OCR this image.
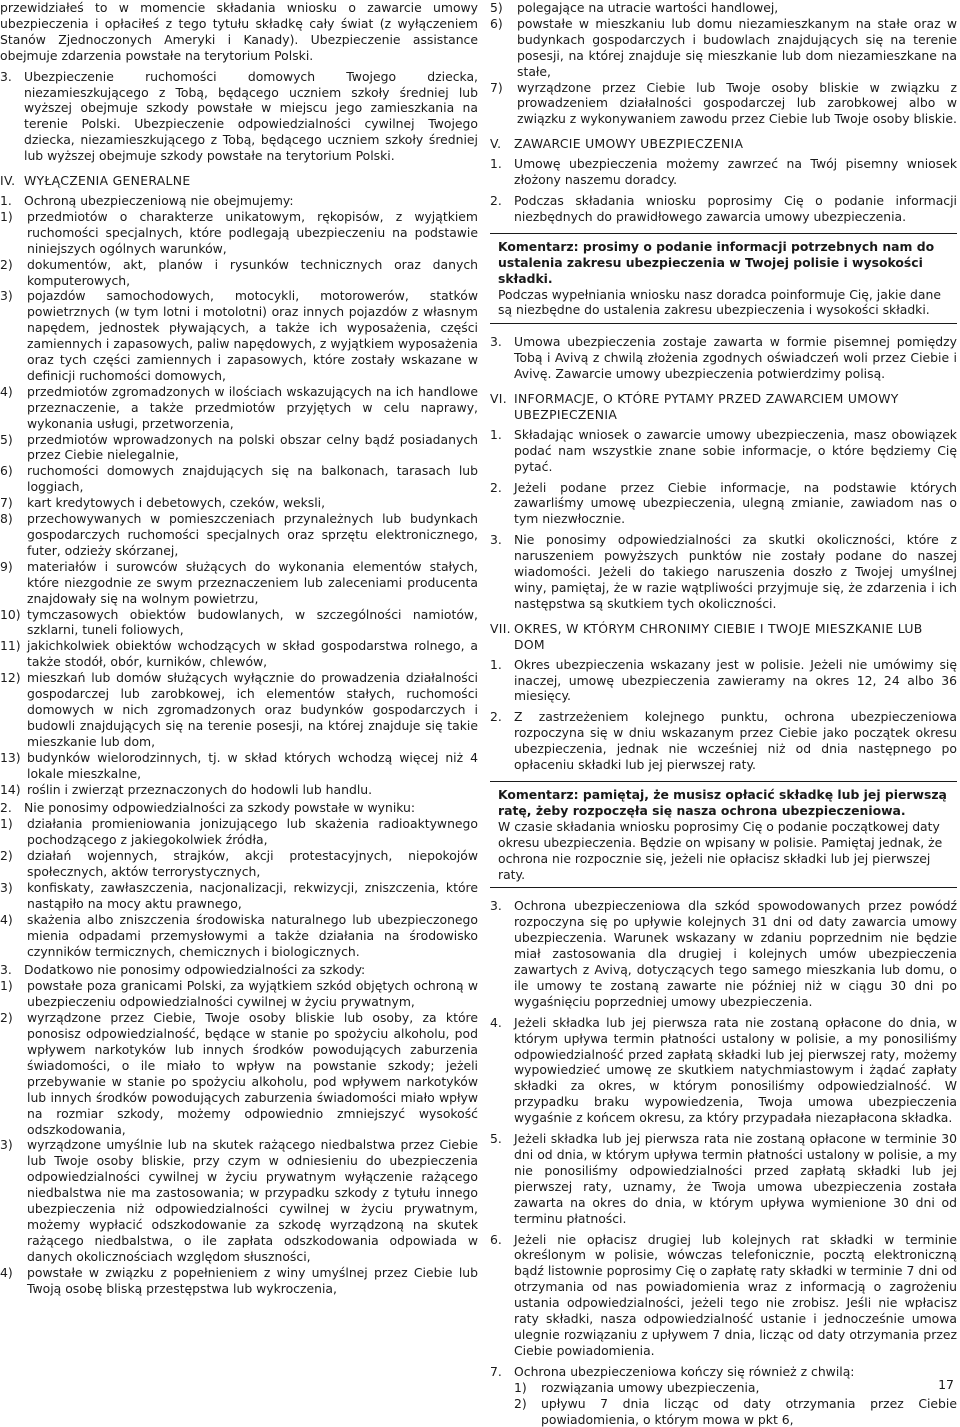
przewidziałeś to w momencie składania wniosku o zawarcie umowy ubezpieczenia i opłaciłeś z tego tytułu składkę cały świat (z wyłączeniem Stanów Zjednoczonych Ameryki i Kanady). Ubezpieczenie assistance obejmuje zdarzenia powstałe na terytorium Polski.

3. Ubezpieczenie ruchomości domowych Twojego dziecka, niezamieszkującego z Tobą, będącego uczniem szkoły średniej lub wyższej obejmuje szkody powstałe w miejscu jego zamieszkania na terenie Polski. Ubezpieczenie odpowiedzialności cywilnej Twojego dziecka, niezamieszkującego z Tobą, będącego uczniem szkoły średniej lub wyższej obejmuje szkody powstałe na terytorium Polski.
IV. WYŁĄCZENIA GENERALNE
1. Ochroną ubezpieczeniową nie obejmujemy:
1)	przedmiotów o charakterze unikatowym, rękopisów, z wyjątkiem ruchomości specjalnych, które podlegają ubezpieczeniu na podstawie niniejszych ogólnych warunków,
2)	dokumentów, akt, planów i rysunków technicznych oraz danych komputerowych,
3)	pojazdów samochodowych, motocykli, motorowerów, statków powietrznych (w tym lotni i motolotni) oraz innych pojazdów z własnym napędem, jednostek pływających, a także ich wyposażenia, części zamiennych i zapasowych, paliw napędowych, z wyjątkiem wyposażenia oraz tych części zamiennych i zapasowych, które zostały wskazane w definicji ruchomości domowych,
4)	przedmiotów zgromadzonych w ilościach wskazujących na ich handlowe przeznaczenie, a także przedmiotów przyjętych w celu naprawy, wykonania usługi, przetworzenia,
5)	przedmiotów wprowadzonych na polski obszar celny bądź posiadanych przez Ciebie nielegalnie,
6)	ruchomości domowych znajdujących się na balkonach, tarasach lub loggiach,
7)	kart kredytowych i debetowych, czeków, weksli,
8)	przechowywanych w pomieszczeniach przynależnych lub budynkach gospodarczych ruchomości specjalnych oraz sprzętu elektronicznego, futer, odzieży skórzanej,
9)	materiałów i surowców służących do wykonania elementów stałych, które niezgodnie ze swym przeznaczeniem lub zaleceniami producenta znajdowały się na wolnym powietrzu,
10) tymczasowych obiektów budowlanych, w szczególności namiotów, szklarni, tuneli foliowych,
11) jakichkolwiek obiektów wchodzących w skład gospodarstwa rolnego, a także stodół, obór, kurników, chlewów,
12) mieszkań lub domów służących wyłącznie do prowadzenia działalności gospodarczej lub zarobkowej, ich elementów stałych, ruchomości domowych w nich zgromadzonych oraz budynków gospodarczych i budowli znajdujących się na terenie posesji, na której znajduje się takie mieszkanie lub dom,
13) budynków wielorodzinnych, tj. w skład których wchodzą więcej niż 4 lokale mieszkalne,
14) roślin i zwierząt przeznaczonych do hodowli lub handlu.
2. Nie ponosimy odpowiedzialności za szkody powstałe w wyniku:
1)	działania promieniowania jonizującego lub skażenia radioaktywnego pochodzącego z jakiegokolwiek źródła,
2)	działań wojennych, strajków, akcji protestacyjnych, niepokojów społecznych, aktów terrorystycznych,
3)	konfiskaty, zawłaszczenia, nacjonalizacji, rekwizycji, zniszczenia, które nastąpiło na mocy aktu prawnego,
4)	skażenia albo zniszczenia środowiska naturalnego lub ubezpieczonego mienia odpadami przemysłowymi a także działania na środowisko czynników termicznych, chemicznych i biologicznych.
3. Dodatkowo nie ponosimy odpowiedzialności za szkody:
1)	powstałe poza granicami Polski, za wyjątkiem szkód objętych ochroną w ubezpieczeniu odpowiedzialności cywilnej w życiu prywatnym,
2)	wyrządzone przez Ciebie, Twoje osoby bliskie lub osoby, za które ponosisz odpowiedzialność, będące w stanie po spożyciu alkoholu, pod wpływem narkotyków lub innych środków powodujących zaburzenia świadomości, o ile miało to wpływ na powstanie szkody; jeżeli przebywanie w stanie po spożyciu alkoholu, pod wpływem narkotyków lub innych środków powodujących zaburzenia świadomości miało wpływ na rozmiar szkody, możemy odpowiednio zmniejszyć wysokość odszkodowania,
3)	wyrządzone umyślnie lub na skutek rażącego niedbalstwa przez Ciebie lub Twoje osoby bliskie, przy czym w odniesieniu do ubezpieczenia odpowiedzialności cywilnej w życiu prywatnym wyłączenie rażącego niedbalstwa nie ma zastosowania; w przypadku szkody z tytułu innego ubezpieczenia niż odpowiedzialności cywilnej w życiu prywatnym, możemy wypłacić odszkodowanie za szkodę wyrządzoną na skutek rażącego niedbalstwa, o ile zapłata odszkodowania odpowiada w danych okolicznościach względom słuszności,
4)	powstałe w związku z popełnieniem z winy umyślnej przez Ciebie lub Twoją osobę bliską przestępstwa lub wykroczenia,
5)	polegające na utracie wartości handlowej,
6)	powstałe w mieszkaniu lub domu niezamieszkanym na stałe oraz w budynkach gospodarczych i budowlach znajdujących się na terenie posesji, na której znajduje się mieszkanie lub dom niezamieszkane na stałe,
7)	wyrządzone przez Ciebie lub Twoje osoby bliskie w związku z prowadzeniem działalności gospodarczej lub zarobkowej albo w związku z wykonywaniem zawodu przez Ciebie lub Twoje osoby bliskie.
V. ZAWARCIE UMOWY UBEZPIECZENIA
1. Umowę ubezpieczenia możemy zawrzeć na Twój pisemny wniosek złożony naszemu doradcy.
2. Podczas składania wniosku poprosimy Cię o podanie informacji niezbędnych do prawidłowego zawarcia umowy ubezpieczenia.
Komentarz: prosimy o podanie informacji potrzebnych nam do ustalenia zakresu ubezpieczenia w Twojej polisie i wysokości składki.
Podczas wypełniania wniosku nasz doradca poinformuje Cię, jakie dane są niezbędne do ustalenia zakresu ubezpieczenia i wysokości składki.
3. Umowa ubezpieczenia zostaje zawarta w formie pisemnej pomiędzy Tobą i Avivą z chwilą złożenia zgodnych oświadczeń woli przez Ciebie i Avivę. Zawarcie umowy ubezpieczenia potwierdzimy polisą.
VI. INFORMACJE, O KTÓRE PYTAMY PRZED ZAWARCIEM UMOWY UBEZPIECZENIA
1. Składając wniosek o zawarcie umowy ubezpieczenia, masz obowiązek podać nam wszystkie znane sobie informacje, o które będziemy Cię pytać.
2. Jeżeli podane przez Ciebie informacje, na podstawie których zawarliśmy umowę ubezpieczenia, ulegną zmianie, zawiadom nas o tym niezwłocznie.
3. Nie ponosimy odpowiedzialności za skutki okoliczności, które z naruszeniem powyższych punktów nie zostały podane do naszej wiadomości. Jeżeli do takiego naruszenia doszło z Twojej umyślnej winy, pamiętaj, że w razie wątpliwości przyjmuje się, że zdarzenia i ich następstwa są skutkiem tych okoliczności.
VII. OKRES, W KTÓRYM CHRONIMY CIEBIE I TWOJE MIESZKANIE LUB DOM
1. Okres ubezpieczenia wskazany jest w polisie. Jeżeli nie umówimy się inaczej, umowę ubezpieczenia zawieramy na okres 12, 24 albo 36 miesięcy.
2. Z zastrzeżeniem kolejnego punktu, ochrona ubezpieczeniowa rozpoczyna się w dniu wskazanym przez Ciebie jako początek okresu ubezpieczenia, jednak nie wcześniej niż od dnia następnego po opłaceniu składki lub jej pierwszej raty.
Komentarz: pamiętaj, że musisz opłacić składkę lub jej pierwszą ratę, żeby rozpoczęła się nasza ochrona ubezpieczeniowa.
W czasie składania wniosku poprosimy Cię o podanie początkowej daty okresu ubezpieczenia. Będzie on wpisany w polisie. Pamiętaj jednak, że ochrona nie rozpocznie się, jeżeli nie opłacisz składki lub jej pierwszej raty.
3. Ochrona ubezpieczeniowa dla szkód spowodowanych przez powódź rozpoczyna się po upływie kolejnych 31 dni od daty zawarcia umowy ubezpieczenia. Warunek wskazany w zdaniu poprzednim nie będzie miał zastosowania dla drugiej i kolejnych umów ubezpieczenia zawartych z Avivą, dotyczących tego samego mieszkania lub domu, o ile umowy te zostaną zawarte nie później niż w ciągu 30 dni po wygaśnięciu poprzedniej umowy ubezpieczenia.
4. Jeżeli składka lub jej pierwsza rata nie zostaną opłacone do dnia, w którym upływa termin płatności ustalony w polisie, a my ponosiliśmy odpowiedzialność przed zapłatą składki lub jej pierwszej raty, możemy wypowiedzieć umowę ze skutkiem natychmiastowym i żądać zapłaty składki za okres, w którym ponosiliśmy odpowiedzialność. W przypadku braku wypowiedzenia, Twoja umowa ubezpieczenia wygaśnie z końcem okresu, za który przypadała niezapłacona składka.
5. Jeżeli składka lub jej pierwsza rata nie zostaną opłacone w terminie 30 dni od dnia, w którym upływa termin płatności ustalony w polisie, a my nie ponosiliśmy odpowiedzialności przed zapłatą składki lub jej pierwszej raty, uznamy, że Twoja umowa ubezpieczenia została zawarta na okres do dnia, w którym upływa wymienione 30 dni od terminu płatności.
6. Jeżeli nie opłacisz drugiej lub kolejnych rat składki w terminie określonym w polisie, wówczas telefonicznie, pocztą elektroniczną bądź listownie poprosimy Cię o zapłatę raty składki w terminie 7 dni od otrzymania od nas powiadomienia wraz z informacją o zagrożeniu ustania odpowiedzialności, jeżeli tego nie zrobisz. Jeśli nie wpłacisz raty składki, nasza odpowiedzialność ustanie i jednocześnie umowa ulegnie rozwiązaniu z upływem 7 dnia, licząc od daty otrzymania przez Ciebie powiadomienia.
7. Ochrona ubezpieczeniowa kończy się również z chwilą:
1)	rozwiązania umowy ubezpieczenia,
2)	upływu 7 dnia licząc od daty otrzymania przez Ciebie powiadomienia, o którym mowa w pkt 6,
17
